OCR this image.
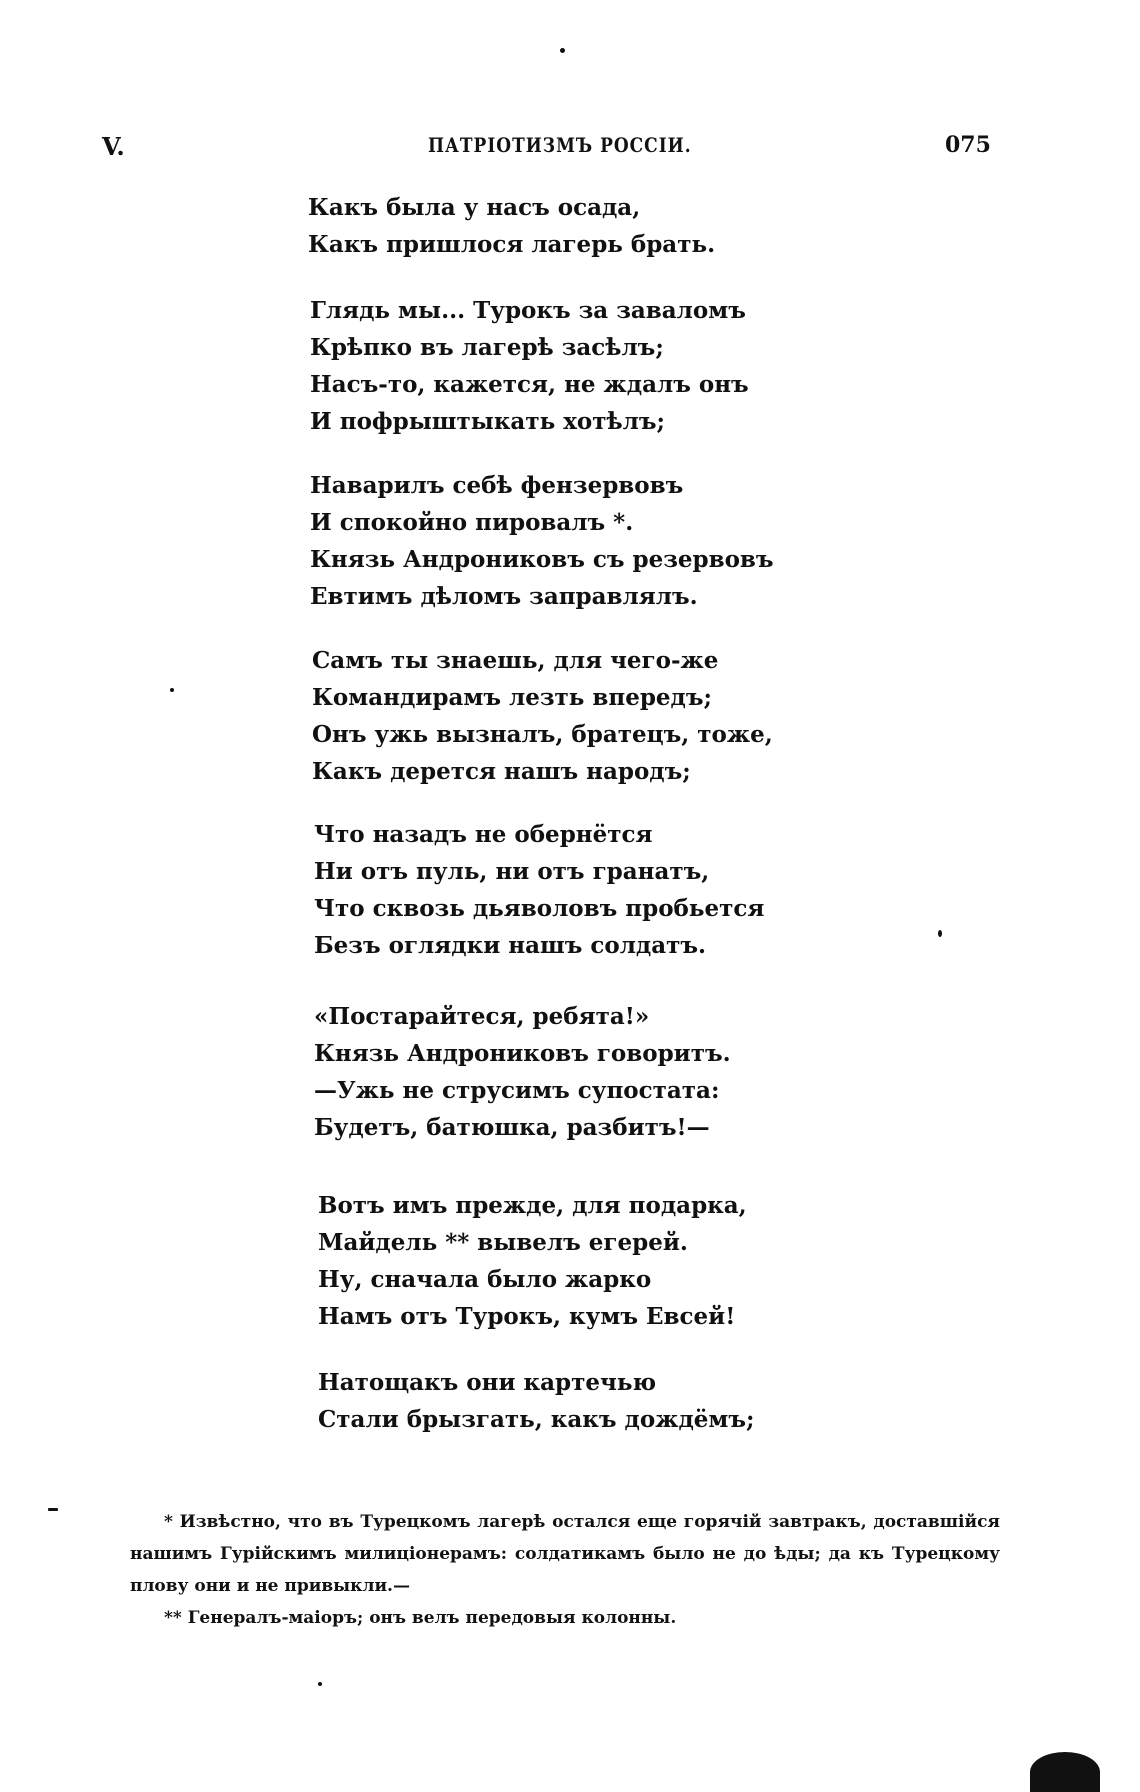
V.	ПАТРIОТИЗМЪ РОССIИ.	075
Какъ была у насъ осада,
Какъ пришлося лагерь брать.
Глядь мы... Турокъ за заваломъ
Крѣпко въ лагерѣ засѣлъ;
Насъ-то, кажется, не ждалъ онъ
И пофрыштыкать хотѣлъ;
Наварилъ себѣ фензервовъ
И спокойно пировалъ *.
Князь Андрониковъ съ резервовъ
Евтимъ дѣломъ заправлялъ.
Самъ ты знаешь, для чего-же
Командирамъ лезть впередъ;
Онъ ужь вызналъ, братецъ, тоже,
Какъ дерется нашъ народъ;
Что назадъ не обернётся
Ни отъ пуль, ни отъ гранатъ,
Что сквозь дьяволовъ пробьется
Безъ оглядки нашъ солдатъ.
«Постарайтеся, ребята!»
Князь Андрониковъ говоритъ.
—Ужь не струсимъ супостата:
Будетъ, батюшка, разбитъ!—
Вотъ имъ прежде, для подарка,
Майдель ** вывелъ егерей.
Ну, сначала было жарко
Намъ отъ Турокъ, кумъ Евсей!
Натощакъ они картечью
Стали брызгать, какъ дождёмъ;
* Извѣстно, что въ Турецкомъ лагерѣ остался еще горячій завтракъ, доставшійся нашимъ Гурійскимъ милиціонерамъ: солдатикамъ было не до ѣды; да къ Турецкому плову они и не привыкли.—
** Генералъ-маіоръ; онъ велъ передовыя колонны.
